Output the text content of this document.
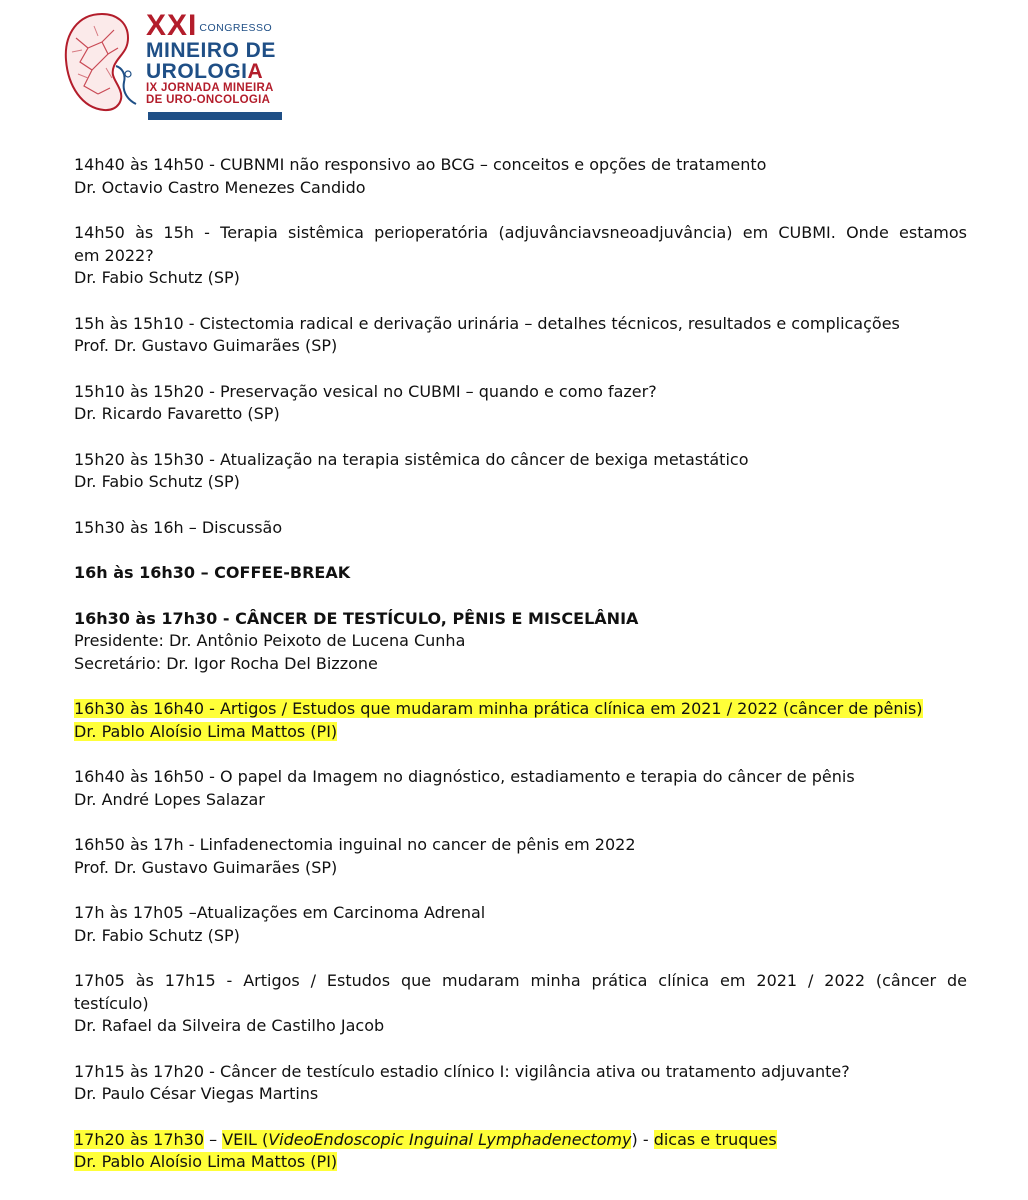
XXI CONGRESSO
MINEIRO DE
UROLOGIA
IX JORNADA MINEIRA
DE URO-ONCOLOGIA
14h40 às 14h50 - CUBNMI não responsivo ao BCG – conceitos e opções de tratamento
Dr. Octavio Castro Menezes Candido
14h50 às 15h - Terapia sistêmica perioperatória (adjuvânciavsneoadjuvância) em CUBMI. Onde estamos
em 2022?
Dr. Fabio Schutz (SP)
15h às 15h10 - Cistectomia radical e derivação urinária – detalhes técnicos, resultados e complicações
Prof. Dr. Gustavo Guimarães (SP)
15h10 às 15h20 - Preservação vesical no CUBMI – quando e como fazer?
Dr. Ricardo Favaretto (SP)
15h20 às 15h30 - Atualização na terapia sistêmica do câncer de bexiga metastático
Dr. Fabio Schutz (SP)
15h30 às 16h – Discussão
16h às 16h30 – COFFEE-BREAK
16h30 às 17h30 - CÂNCER DE TESTÍCULO, PÊNIS E MISCELÂNIA
Presidente: Dr. Antônio Peixoto de Lucena Cunha
Secretário: Dr. Igor Rocha Del Bizzone
16h30 às 16h40 - Artigos / Estudos que mudaram minha prática clínica em 2021 / 2022 (câncer de pênis)
Dr. Pablo Aloísio Lima Mattos (PI)
16h40 às 16h50 - O papel da Imagem no diagnóstico, estadiamento e terapia do câncer de pênis
Dr. André Lopes Salazar
16h50 às 17h - Linfadenectomia inguinal no cancer de pênis em 2022
Prof. Dr. Gustavo Guimarães (SP)
17h às 17h05 –Atualizações em Carcinoma Adrenal
Dr. Fabio Schutz (SP)
17h05 às 17h15 - Artigos / Estudos que mudaram minha prática clínica em 2021 / 2022 (câncer de
testículo)
Dr. Rafael da Silveira de Castilho Jacob
17h15 às 17h20 - Câncer de testículo estadio clínico I: vigilância ativa ou tratamento adjuvante?
Dr. Paulo César Viegas Martins
17h20 às 17h30 – VEIL (VideoEndoscopic Inguinal Lymphadenectomy) - dicas e truques
Dr. Pablo Aloísio Lima Mattos (PI)
